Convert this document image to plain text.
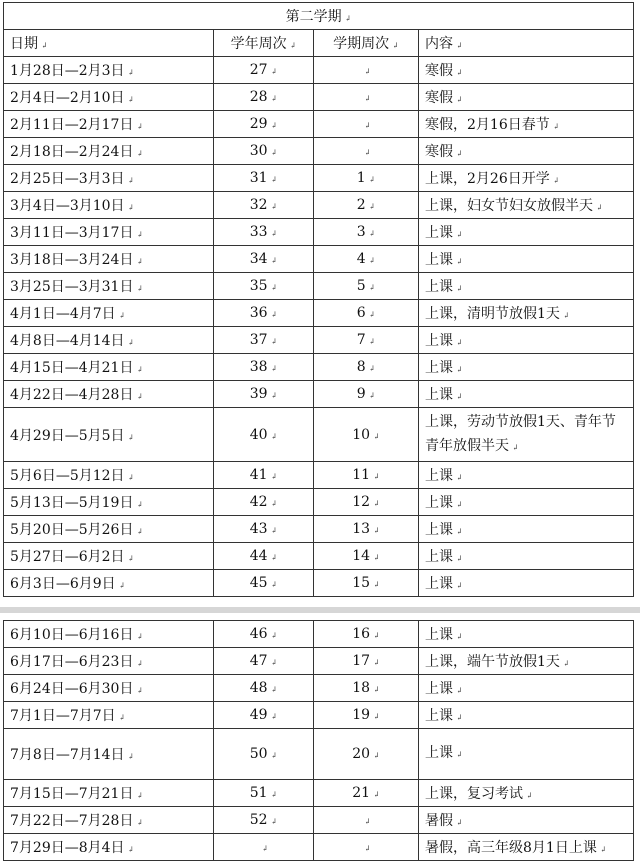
第二学期 ↲
日期 ↲	学年周次 ↲	学期周次 ↲	内容 ↲
1月28日—2月3日 ↲	27 ↲	↲	寒假 ↲
2月4日—2月10日 ↲	28 ↲	↲	寒假 ↲
2月11日—2月17日 ↲	29 ↲	↲	寒假，2月16日春节 ↲
2月18日—2月24日 ↲	30 ↲	↲	寒假 ↲
2月25日—3月3日 ↲	31 ↲	1 ↲	上课，2月26日开学 ↲
3月4日—3月10日 ↲	32 ↲	2 ↲	上课，妇女节妇女放假半天 ↲
3月11日—3月17日 ↲	33 ↲	3 ↲	上课 ↲
3月18日—3月24日 ↲	34 ↲	4 ↲	上课 ↲
3月25日—3月31日 ↲	35 ↲	5 ↲	上课 ↲
4月1日—4月7日 ↲	36 ↲	6 ↲	上课，清明节放假1天 ↲
4月8日—4月14日 ↲	37 ↲	7 ↲	上课 ↲
4月15日—4月21日 ↲	38 ↲	8 ↲	上课 ↲
4月22日—4月28日 ↲	39 ↲	9 ↲	上课 ↲
4月29日—5月5日 ↲	40 ↲	10 ↲	上课，劳动节放假1天、青年节青年放假半天 ↲
5月6日—5月12日 ↲	41 ↲	11 ↲	上课 ↲
5月13日—5月19日 ↲	42 ↲	12 ↲	上课 ↲
5月20日—5月26日 ↲	43 ↲	13 ↲	上课 ↲
5月27日—6月2日 ↲	44 ↲	14 ↲	上课 ↲
6月3日—6月9日 ↲	45 ↲	15 ↲	上课 ↲
6月10日—6月16日 ↲	46 ↲	16 ↲	上课 ↲
6月17日—6月23日 ↲	47 ↲	17 ↲	上课，端午节放假1天 ↲
6月24日—6月30日 ↲	48 ↲	18 ↲	上课 ↲
7月1日—7月7日 ↲	49 ↲	19 ↲	上课 ↲
7月8日—7月14日 ↲	50 ↲	20 ↲	上课 ↲
7月15日—7月21日 ↲	51 ↲	21 ↲	上课，复习考试 ↲
7月22日—7月28日 ↲	52 ↲	↲	暑假 ↲
7月29日—8月4日 ↲	↲	↲	暑假，高三年级8月1日上课 ↲
